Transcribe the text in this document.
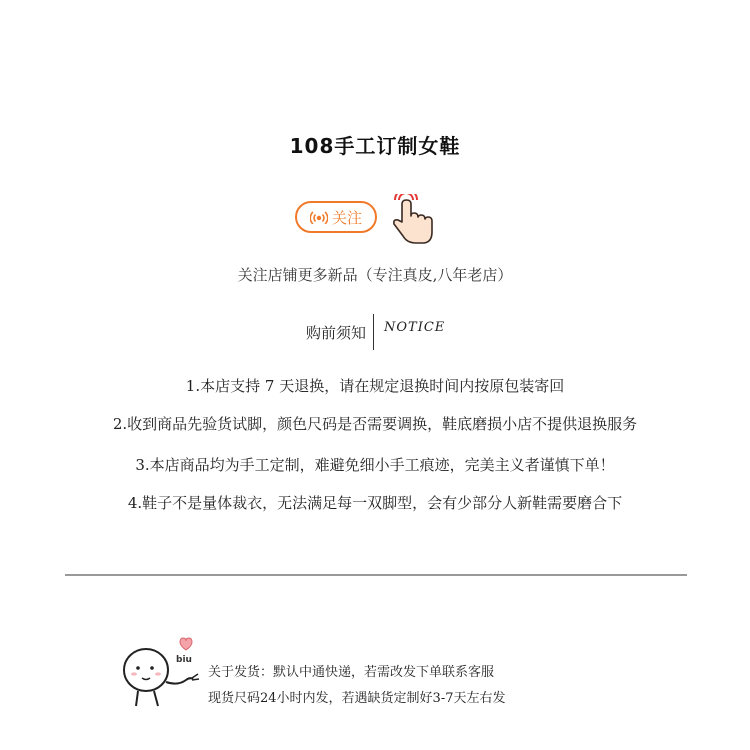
108手工订制女鞋
关注
关注店铺更多新品（专注真皮,八年老店）
购前须知 NOTICE
1.本店支持 7 天退换，请在规定退换时间内按原包装寄回
2.收到商品先验货试脚，颜色尺码是否需要调换，鞋底磨损小店不提供退换服务
3.本店商品均为手工定制，难避免细小手工痕迹，完美主义者谨慎下单！
4.鞋子不是量体裁衣，无法满足每一双脚型，会有少部分人新鞋需要磨合下
biu
关于发货：默认中通快递，若需改发下单联系客服
现货尺码24小时内发，若遇缺货定制好3-7天左右发
